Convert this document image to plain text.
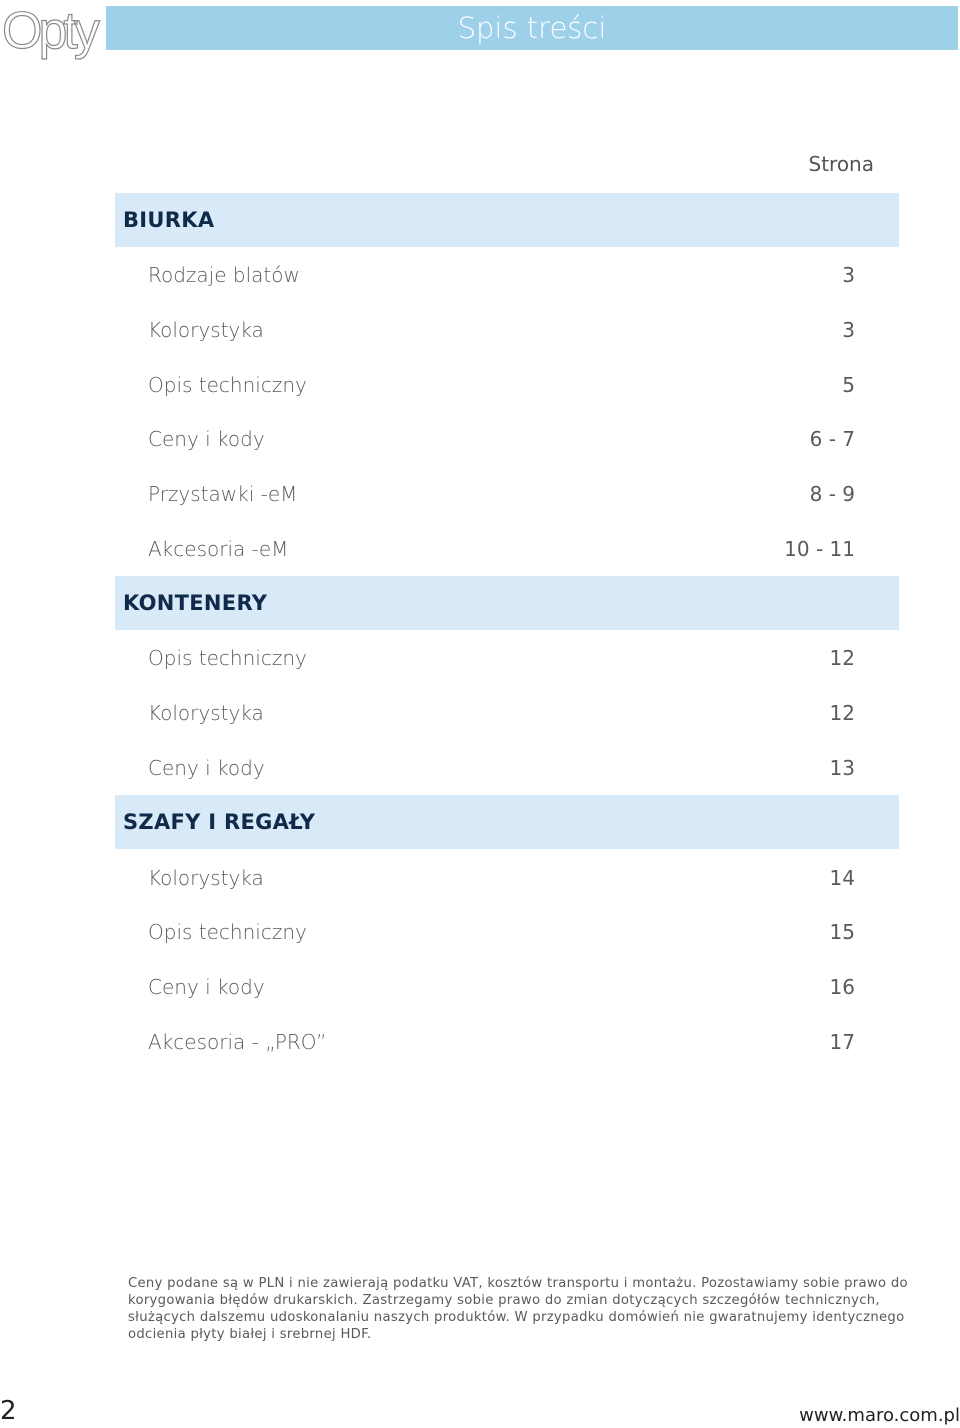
Opty	Spis treści
Strona
BIURKA
Rodzaje blatów	3
Kolorystyka	3
Opis techniczny	5
Ceny i kody	6 - 7
Przystawki -eM	8 - 9
Akcesoria -eM	10 - 11
KONTENERY
Opis techniczny	12
Kolorystyka	12
Ceny i kody	13
SZAFY I REGAŁY
Kolorystyka	14
Opis techniczny	15
Ceny i kody	16
Akcesoria - „PRO”	17
Ceny podane są w PLN i nie zawierają podatku VAT, kosztów transportu i montażu. Pozostawiamy sobie prawo do korygowania błędów drukarskich. Zastrzegamy sobie prawo do zmian dotyczących szczegółów technicznych, służących dalszemu udoskonalaniu naszych produktów. W przypadku domówień nie gwaratnujemy identycznego odcienia płyty białej i srebrnej HDF.
2	www.maro.com.pl
